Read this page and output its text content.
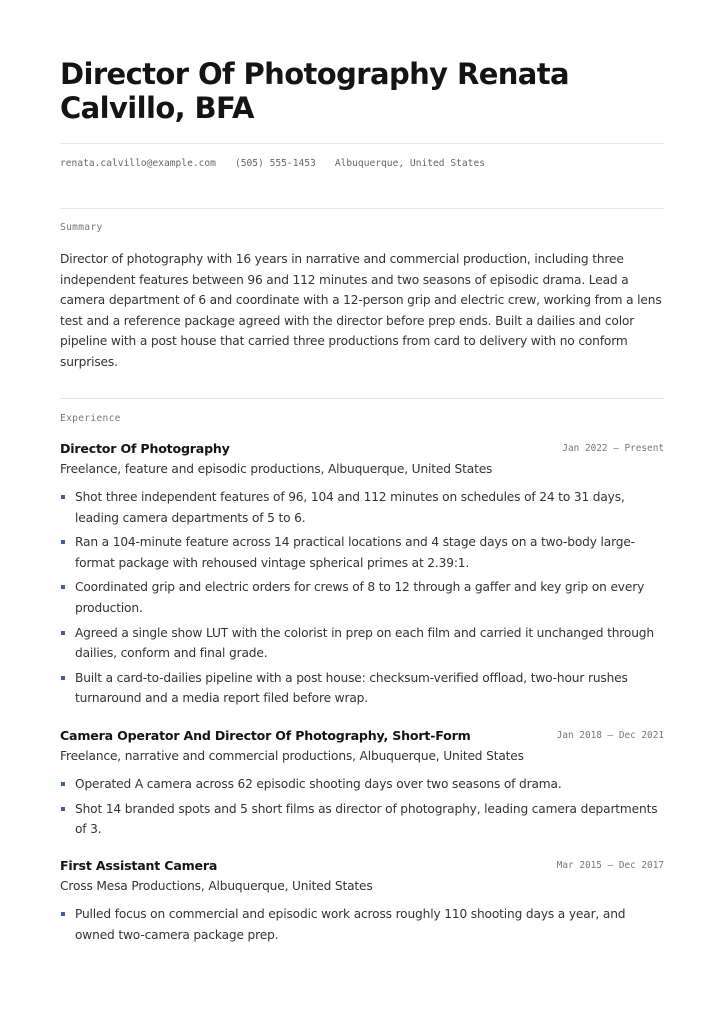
Director Of Photography Renata Calvillo, BFA
renata.calvillo@example.com (505) 555-1453 Albuquerque, United States
Summary

Director of photography with 16 years in narrative and commercial production, including three independent features between 96 and 112 minutes and two seasons of episodic drama. Lead a camera department of 6 and coordinate with a 12-person grip and electric crew, working from a lens test and a reference package agreed with the director before prep ends. Built a dailies and color pipeline with a post house that carried three productions from card to delivery with no conform surprises.

Experience
Director Of Photography	Jan 2022 — Present
Freelance, feature and episodic productions, Albuquerque, United States
Shot three independent features of 96, 104 and 112 minutes on schedules of 24 to 31 days, leading camera departments of 5 to 6.
Ran a 104-minute feature across 14 practical locations and 4 stage days on a two-body large-format package with rehoused vintage spherical primes at 2.39:1.
Coordinated grip and electric orders for crews of 8 to 12 through a gaffer and key grip on every production.
Agreed a single show LUT with the colorist in prep on each film and carried it unchanged through dailies, conform and final grade.
Built a card-to-dailies pipeline with a post house: checksum-verified offload, two-hour rushes turnaround and a media report filed before wrap.
Camera Operator And Director Of Photography, Short-Form	Jan 2018 — Dec 2021
Freelance, narrative and commercial productions, Albuquerque, United States
Operated A camera across 62 episodic shooting days over two seasons of drama.
Shot 14 branded spots and 5 short films as director of photography, leading camera departments of 3.
First Assistant Camera	Mar 2015 — Dec 2017
Cross Mesa Productions, Albuquerque, United States
Pulled focus on commercial and episodic work across roughly 110 shooting days a year, and owned two-camera package prep.
